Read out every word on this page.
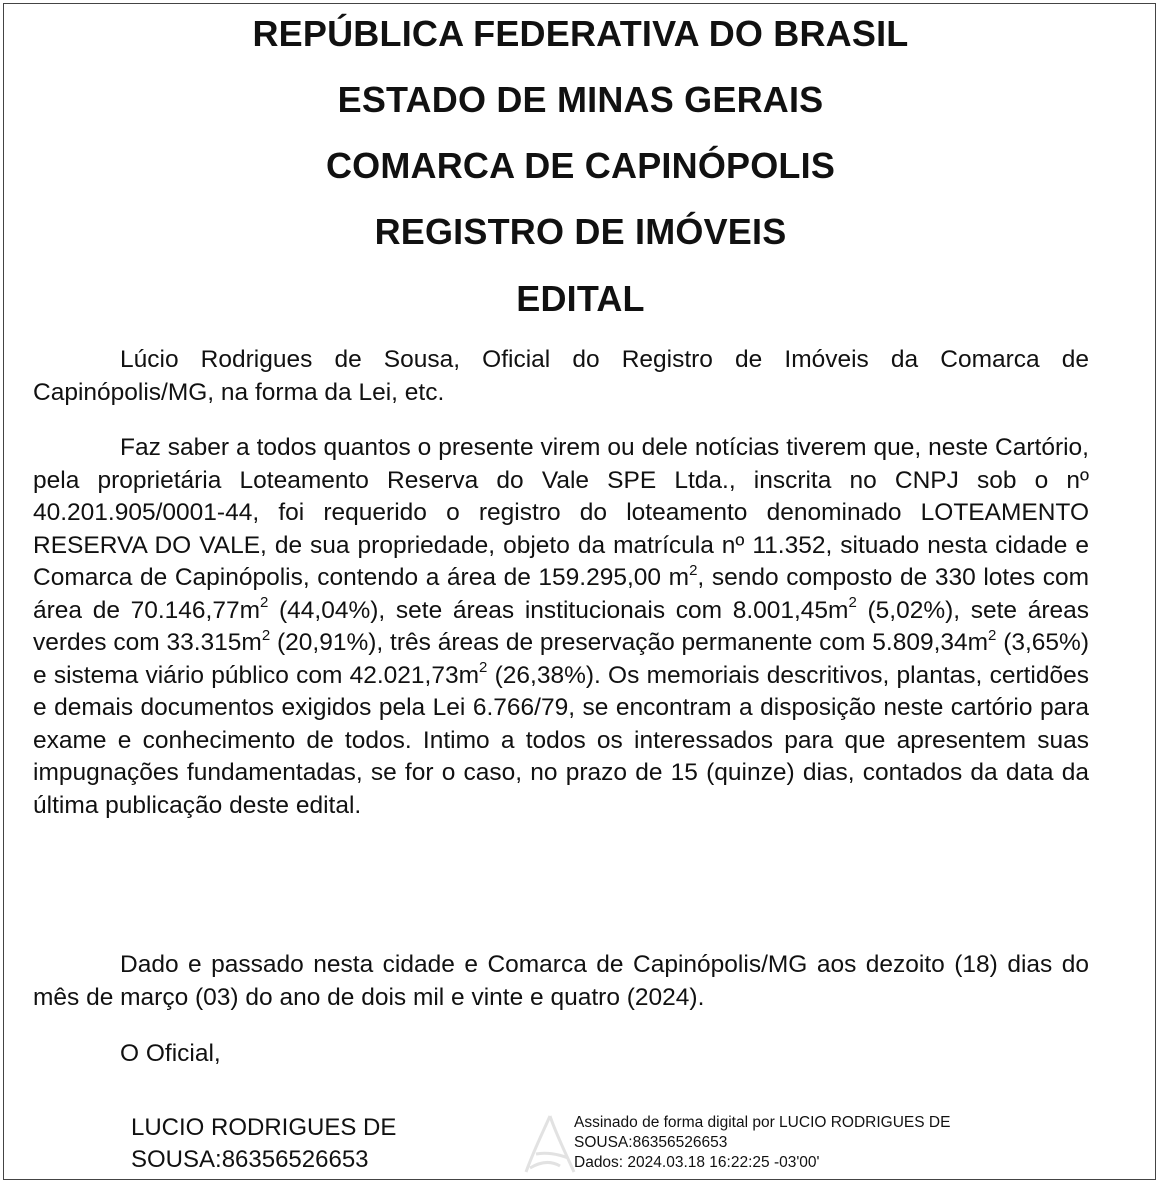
REPÚBLICA FEDERATIVA DO BRASIL
ESTADO DE MINAS GERAIS
COMARCA DE CAPINÓPOLIS
REGISTRO DE IMÓVEIS
EDITAL
Lúcio Rodrigues de Sousa, Oficial do Registro de Imóveis da Comarca de Capinópolis/MG, na forma da Lei, etc.
Faz saber a todos quantos o presente virem ou dele notícias tiverem que, neste Cartório, pela proprietária Loteamento Reserva do Vale SPE Ltda., inscrita no CNPJ sob o nº 40.201.905/0001-44, foi requerido o registro do loteamento denominado LOTEAMENTO RESERVA DO VALE, de sua propriedade, objeto da matrícula nº 11.352, situado nesta cidade e Comarca de Capinópolis, contendo a área de 159.295,00 $m^2$, sendo composto de 330 lotes com área de $70.146,77m^2$ (44,04%), sete áreas institucionais com $8.001,45m^2$ (5,02%), sete áreas verdes com $33.315m^2$ (20,91%), três áreas de preservação permanente com $5.809,34m^2$ (3,65%) e sistema viário público com $42.021,73m^2$ (26,38%). Os memoriais descritivos, plantas, certidões e demais documentos exigidos pela Lei 6.766/79, se encontram a disposição neste cartório para exame e conhecimento de todos. Intimo a todos os interessados para que apresentem suas impugnações fundamentadas, se for o caso, no prazo de 15 (quinze) dias, contados da data da última publicação deste edital.
Dado e passado nesta cidade e Comarca de Capinópolis/MG aos dezoito (18) dias do mês de março (03) do ano de dois mil e vinte e quatro (2024).
O Oficial,
LUCIO RODRIGUES DE
SOUSA:86356526653
Assinado de forma digital por LUCIO RODRIGUES DE
SOUSA:86356526653
Dados: 2024.03.18 16:22:25 -03'00'
